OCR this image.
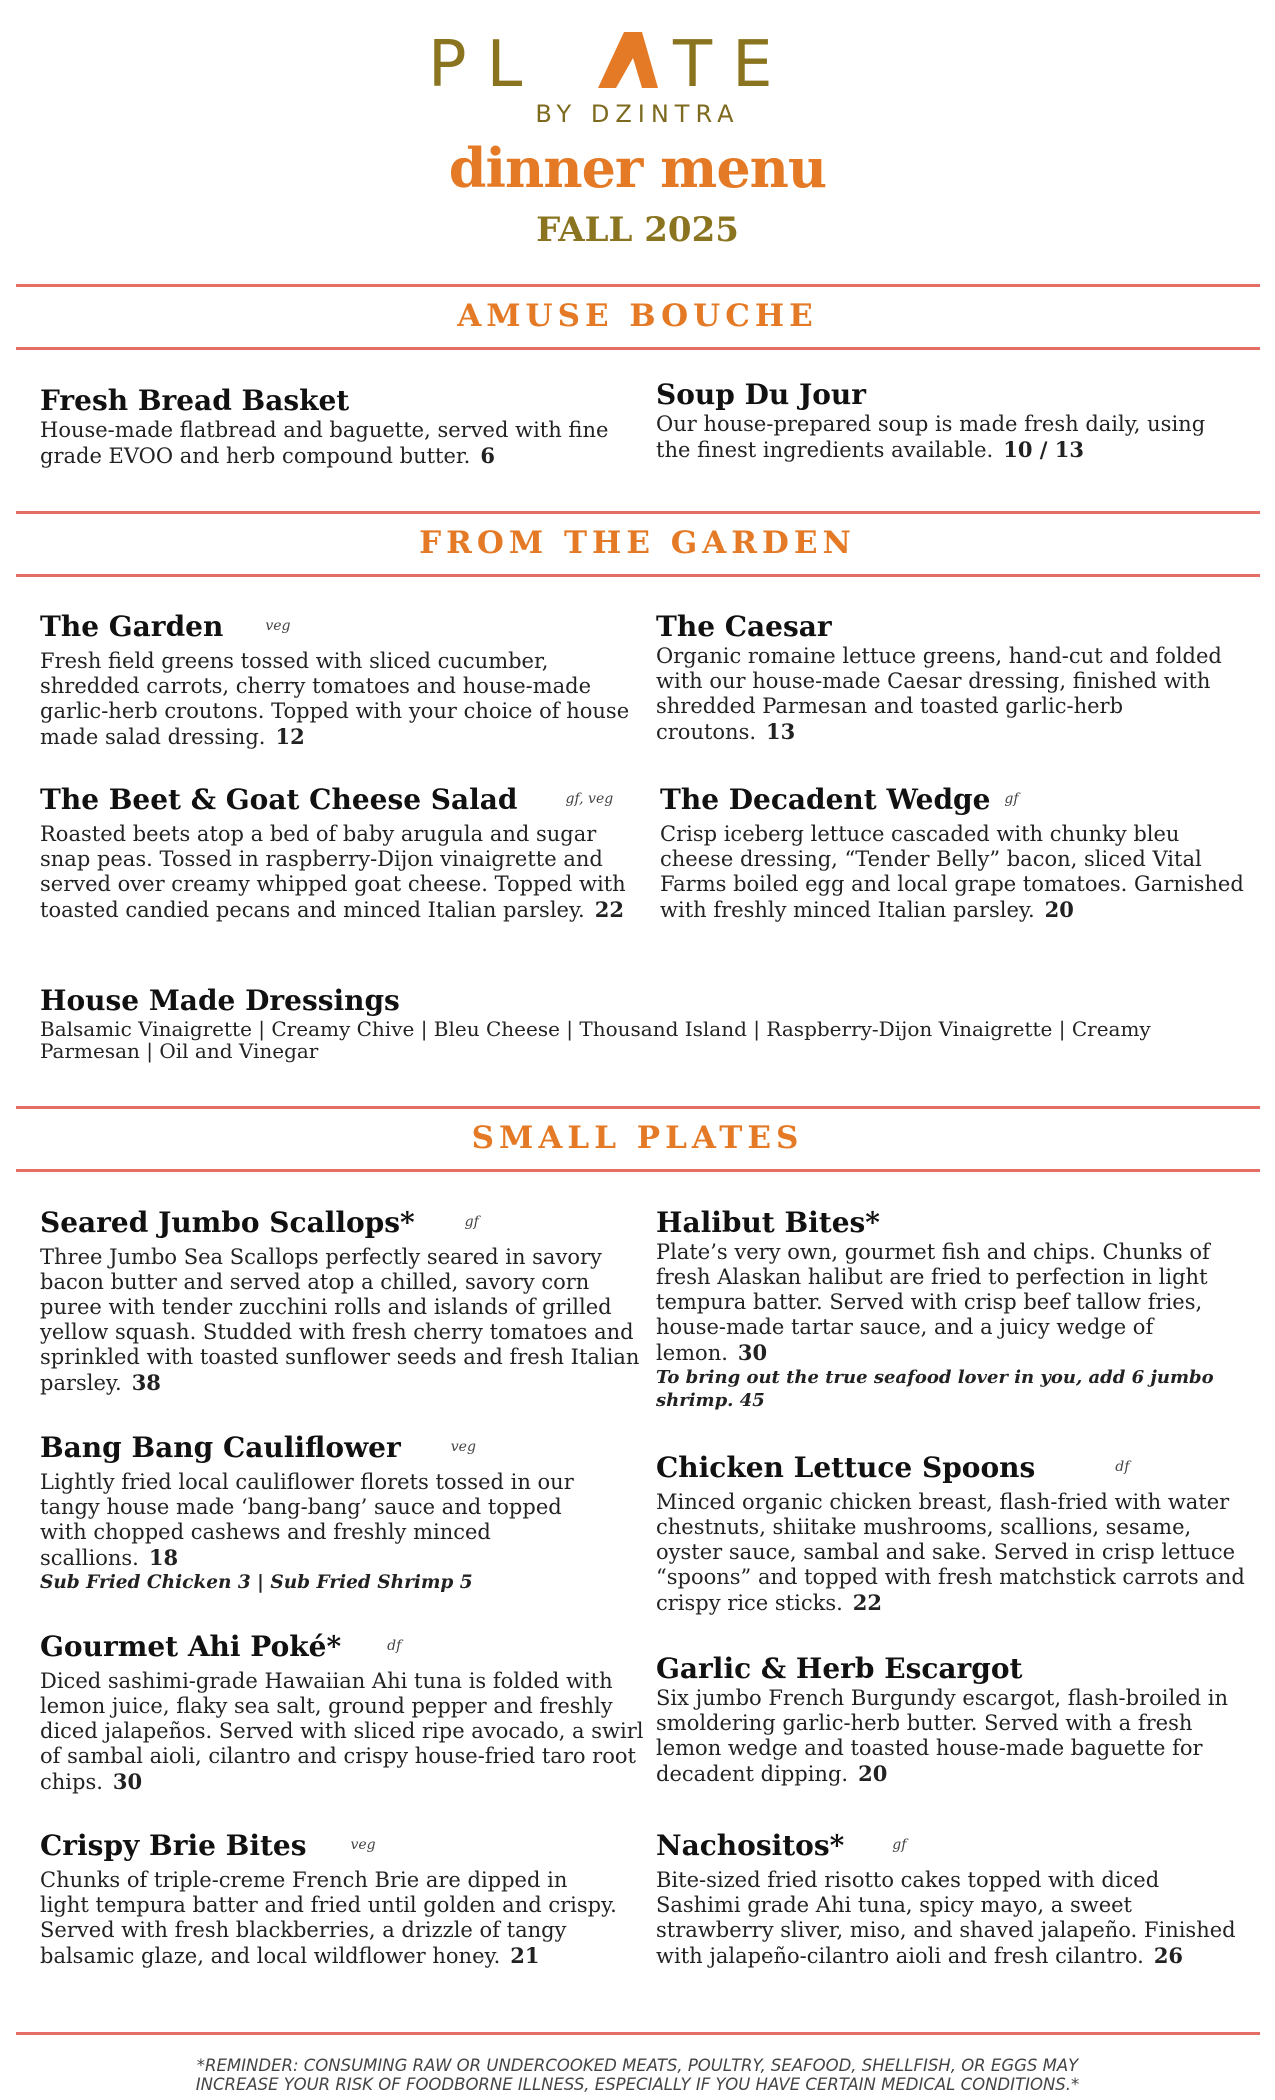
PL TE
BY DZINTRA
dinner menu
FALL 2025
AMUSE BOUCHE
Fresh Bread Basket

House-made flatbread and baguette, served with fine grade EVOO and herb compound butter. 6

Soup Du Jour

Our house-prepared soup is made fresh daily, using the finest ingredients available. 10 / 13

FROM THE GARDEN
The Garden	$^{veg}$

Fresh field greens tossed with sliced cucumber, shredded carrots, cherry tomatoes and house-made garlic-herb croutons. Topped with your choice of house made salad dressing. 12

The Caesar

Organic romaine lettuce greens, hand-cut and folded with our house-made Caesar dressing, finished with shredded Parmesan and toasted garlic-herb croutons. 13

The Beet & Goat Cheese Salad	$^{gf, veg}$

Roasted beets atop a bed of baby arugula and sugar snap peas. Tossed in raspberry-Dijon vinaigrette and served over creamy whipped goat cheese. Topped with toasted candied pecans and minced Italian parsley. 22

The Decadent Wedge $^{gf}$

Crisp iceberg lettuce cascaded with chunky bleu cheese dressing, “Tender Belly” bacon, sliced Vital Farms boiled egg and local grape tomatoes. Garnished with freshly minced Italian parsley. 20

House Made Dressings

Balsamic Vinaigrette | Creamy Chive | Bleu Cheese | Thousand Island | Raspberry-Dijon Vinaigrette | Creamy Parmesan | Oil and Vinegar

SMALL PLATES
Seared Jumbo Scallops*	$^{gf}$

Three Jumbo Sea Scallops perfectly seared in savory bacon butter and served atop a chilled, savory corn puree with tender zucchini rolls and islands of grilled yellow squash. Studded with fresh cherry tomatoes and sprinkled with toasted sunflower seeds and fresh Italian parsley. 38

Halibut Bites*

Plate’s very own, gourmet fish and chips. Chunks of fresh Alaskan halibut are fried to perfection in light tempura batter. Served with crisp beef tallow fries, house-made tartar sauce, and a juicy wedge of lemon. 30

To bring out the true seafood lover in you, add 6 jumbo shrimp. 45

Bang Bang Cauliflower	$^{veg}$

Lightly fried local cauliflower florets tossed in our tangy house made ‘bang-bang’ sauce and topped with chopped cashews and freshly minced scallions. 18

Sub Fried Chicken 3 | Sub Fried Shrimp 5

Chicken Lettuce Spoons	$^{df}$

Minced organic chicken breast, flash-fried with water chestnuts, shiitake mushrooms, scallions, sesame, oyster sauce, sambal and sake. Served in crisp lettuce “spoons” and topped with fresh matchstick carrots and crispy rice sticks. 22

Gourmet Ahi Poké*	$^{df}$

Diced sashimi-grade Hawaiian Ahi tuna is folded with lemon juice, flaky sea salt, ground pepper and freshly diced jalapeños. Served with sliced ripe avocado, a swirl of sambal aioli, cilantro and crispy house-fried taro root chips. 30

Garlic & Herb Escargot

Six jumbo French Burgundy escargot, flash-broiled in smoldering garlic-herb butter. Served with a fresh lemon wedge and toasted house-made baguette for decadent dipping. 20

Crispy Brie Bites	$^{veg}$

Chunks of triple-creme French Brie are dipped in light tempura batter and fried until golden and crispy. Served with fresh blackberries, a drizzle of tangy balsamic glaze, and local wildflower honey. 21

Nachositos*	$^{gf}$

Bite-sized fried risotto cakes topped with diced Sashimi grade Ahi tuna, spicy mayo, a sweet strawberry sliver, miso, and shaved jalapeño. Finished with jalapeño-cilantro aioli and fresh cilantro. 26

*REMINDER: CONSUMING RAW OR UNDERCOOKED MEATS, POULTRY, SEAFOOD, SHELLFISH, OR EGGS MAY
INCREASE YOUR RISK OF FOODBORNE ILLNESS, ESPECIALLY IF YOU HAVE CERTAIN MEDICAL CONDITIONS.*
